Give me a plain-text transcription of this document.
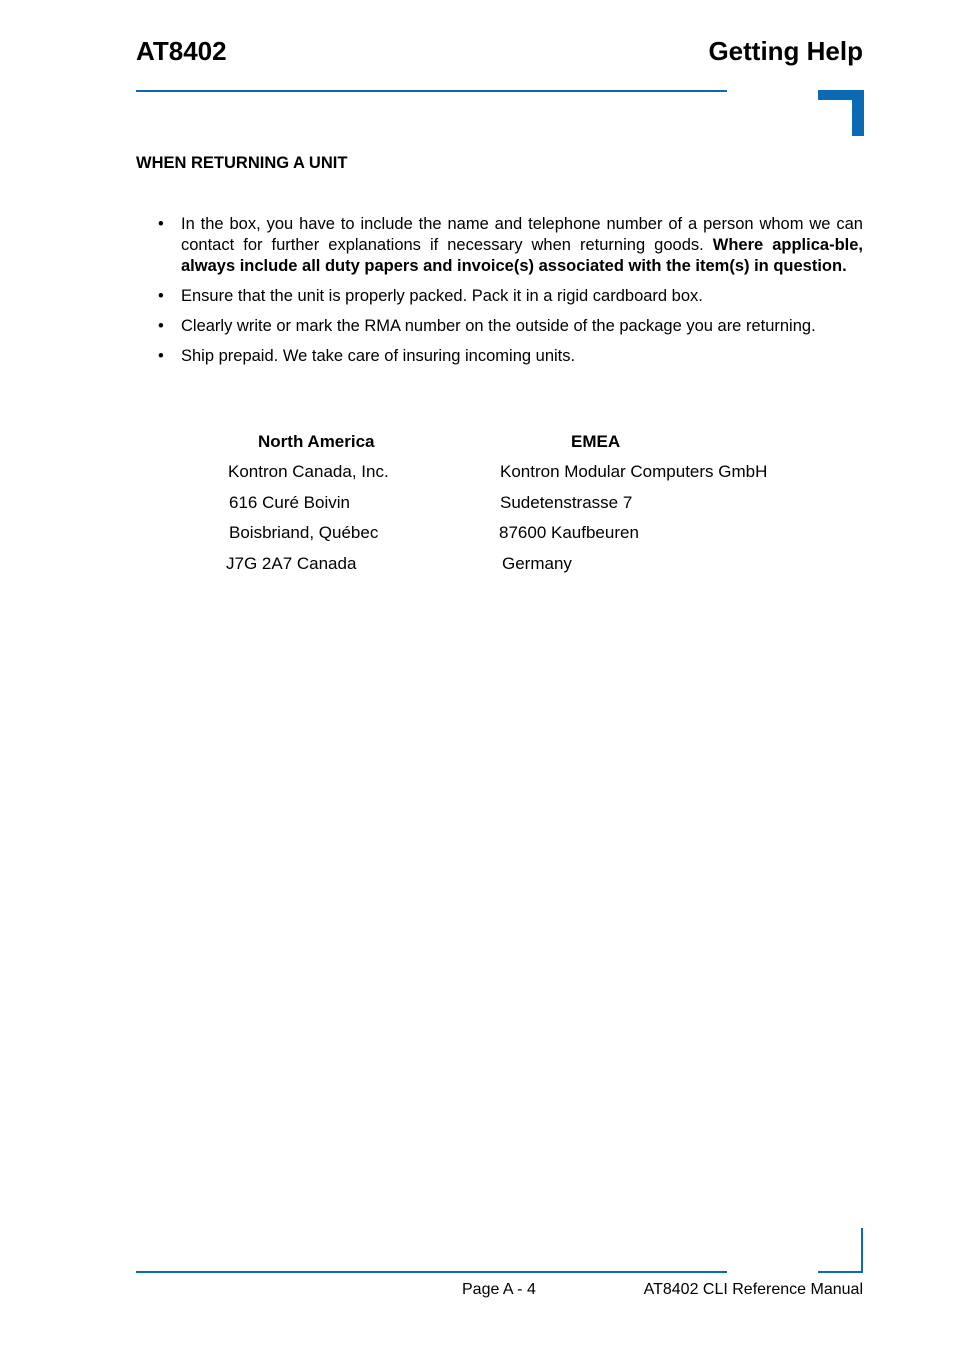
AT8402	Getting Help
WHEN RETURNING A UNIT
• In the box, you have to include the name and telephone number of a person whom we can contact for further explanations if necessary when returning goods. Where applica-ble, always include all duty papers and invoice(s) associated with the item(s) in question.
• Ensure that the unit is properly packed. Pack it in a rigid cardboard box.
• Clearly write or mark the RMA number on the outside of the package you are returning.
• Ship prepaid. We take care of insuring incoming units.
North America
Kontron Canada, Inc.
616 Curé Boivin
Boisbriand, Québec
J7G 2A7 Canada
EMEA
Kontron Modular Computers GmbH
Sudetenstrasse 7
87600 Kaufbeuren
Germany
Page A - 4	AT8402 CLI Reference Manual
